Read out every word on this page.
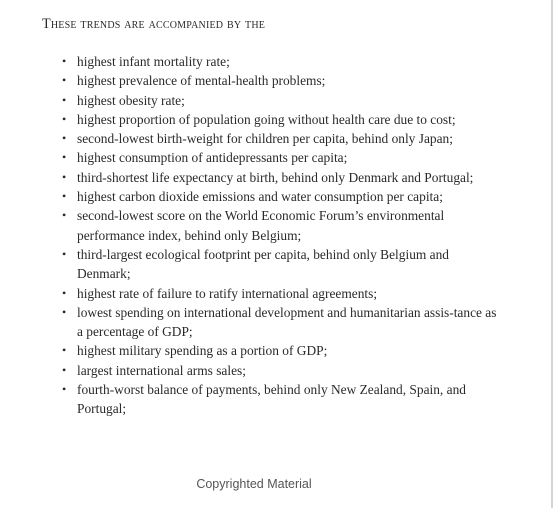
These trends are accompanied by the

• highest infant mortality rate;
• highest prevalence of mental-health problems;
• highest obesity rate;
• highest proportion of population going without health care due to cost;
• second-lowest birth-weight for children per capita, behind only Japan;
• highest consumption of antidepressants per capita;
• third-shortest life expectancy at birth, behind only Denmark and Portugal;
• highest carbon dioxide emissions and water consumption per capita;
• second-lowest score on the World Economic Forum’s environmental performance index, behind only Belgium;
• third-largest ecological footprint per capita, behind only Belgium and Denmark;
• highest rate of failure to ratify international agreements;
• lowest spending on international development and humanitarian assis-tance as a percentage of GDP;
• highest military spending as a portion of GDP;
• largest international arms sales;
• fourth-worst balance of payments, behind only New Zealand, Spain, and Portugal;
Copyrighted Material
